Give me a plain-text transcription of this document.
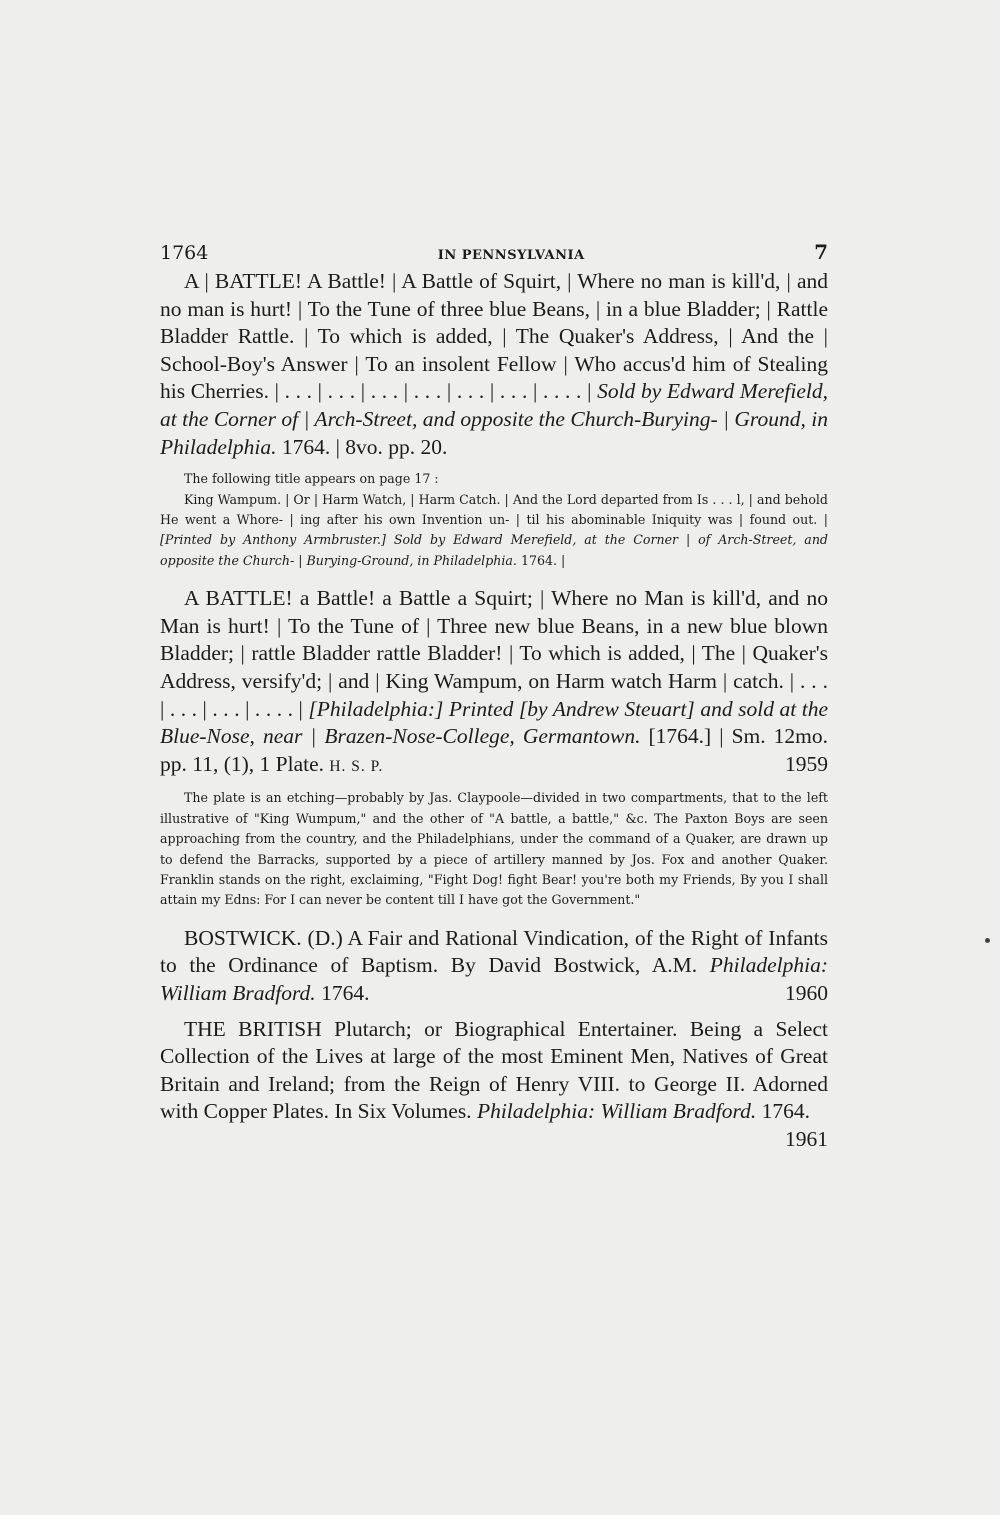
1764	IN PENNSYLVANIA	7

A | BATTLE! A Battle! | A Battle of Squirt, | Where no man is kill'd, | and no man is hurt! | To the Tune of three blue Beans, | in a blue Bladder; | Rattle Bladder Rattle. | To which is added, | The Quaker's Address, | And the | School-Boy's Answer | To an insolent Fellow | Who accus'd him of Stealing his Cherries. | . . . | . . . | . . . | . . . | . . . | . . . | . . . . | Sold by Edward Merefield, at the Corner of | Arch-Street, and opposite the Church-Burying- | Ground, in Philadelphia. 1764. | 8vo. pp. 20.

The following title appears on page 17 :

King Wampum. | Or | Harm Watch, | Harm Catch. | And the Lord departed from Is . . . l, | and behold He went a Whore- | ing after his own Invention un- | til his abominable Iniquity was | found out. | [Printed by Anthony Armbruster.] Sold by Edward Merefield, at the Corner | of Arch-Street, and opposite the Church- | Burying-Ground, in Philadelphia. 1764. |

A BATTLE! a Battle! a Battle a Squirt; | Where no Man is kill'd, and no Man is hurt! | To the Tune of | Three new blue Beans, in a new blue blown Bladder; | rattle Bladder rattle Bladder! | To which is added, | The | Quaker's Address, versify'd; | and | King Wampum, on Harm watch Harm | catch. | . . . | . . . | . . . | . . . . | [Philadelphia:] Printed [by Andrew Steuart] and sold at the Blue-Nose, near | Brazen-Nose-College, Germantown. [1764.] | Sm. 12mo. pp. 11, (1), 1 Plate. H. S. P.	1959

The plate is an etching—probably by Jas. Claypoole—divided in two compartments, that to the left illustrative of "King Wumpum," and the other of "A battle, a battle," &c. The Paxton Boys are seen approaching from the country, and the Philadelphians, under the command of a Quaker, are drawn up to defend the Barracks, supported by a piece of artillery manned by Jos. Fox and another Quaker. Franklin stands on the right, exclaiming, "Fight Dog! fight Bear! you're both my Friends, By you I shall attain my Edns: For I can never be content till I have got the Government."

BOSTWICK. (D.) A Fair and Rational Vindication, of the Right of Infants to the Ordinance of Baptism. By David Bostwick, A.M. Philadelphia: William Bradford. 1764.	1960

THE BRITISH Plutarch; or Biographical Entertainer. Being a Select Collection of the Lives at large of the most Eminent Men, Natives of Great Britain and Ireland; from the Reign of Henry VIII. to George II. Adorned with Copper Plates. In Six Volumes. Philadelphia: William Bradford. 1764.
1961
